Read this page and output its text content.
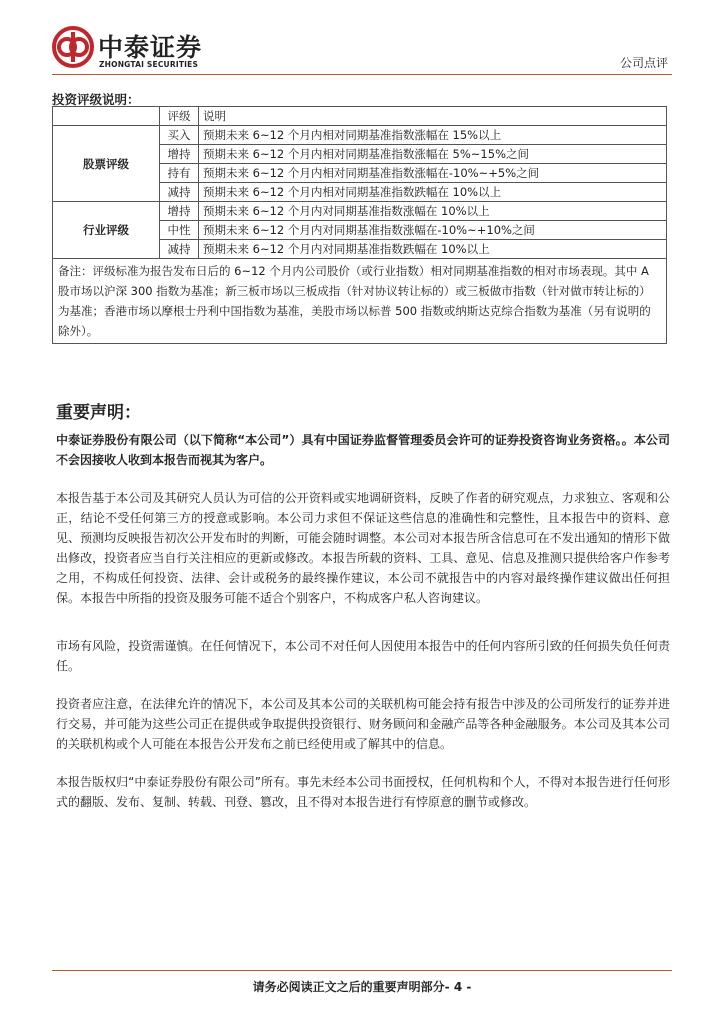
中泰证券
ZHONGTAI SECURITIES	公司点评
投资评级说明：
	评级	说明
股票评级	买入	预期未来 6~12 个月内相对同期基准指数涨幅在 15%以上
	增持	预期未来 6~12 个月内相对同期基准指数涨幅在 5%~15%之间
	持有	预期未来 6~12 个月内相对同期基准指数涨幅在-10%~+5%之间
	减持	预期未来 6~12 个月内相对同期基准指数跌幅在 10%以上
行业评级	增持	预期未来 6~12 个月内对同期基准指数涨幅在 10%以上
	中性	预期未来 6~12 个月内对同期基准指数涨幅在-10%~+10%之间
	减持	预期未来 6~12 个月内对同期基准指数跌幅在 10%以上
备注：评级标准为报告发布日后的 6~12 个月内公司股价（或行业指数）相对同期基准指数的相对市场表现。其中 A 股市场以沪深 300 指数为基准；新三板市场以三板成指（针对协议转让标的）或三板做市指数（针对做市转让标的）为基准；香港市场以摩根士丹利中国指数为基准，美股市场以标普 500 指数或纳斯达克综合指数为基准（另有说明的除外）。		
重要声明：
中泰证券股份有限公司（以下简称“本公司”）具有中国证券监督管理委员会许可的证券投资咨询业务资格。。本公司不会因接收人收到本报告而视其为客户。
本报告基于本公司及其研究人员认为可信的公开资料或实地调研资料，反映了作者的研究观点，力求独立、客观和公正，结论不受任何第三方的授意或影响。本公司力求但不保证这些信息的准确性和完整性，且本报告中的资料、意见、预测均反映报告初次公开发布时的判断，可能会随时调整。本公司对本报告所含信息可在不发出通知的情形下做出修改，投资者应当自行关注相应的更新或修改。本报告所载的资料、工具、意见、信息及推测只提供给客户作参考之用，不构成任何投资、法律、会计或税务的最终操作建议，本公司不就报告中的内容对最终操作建议做出任何担保。本报告中所指的投资及服务可能不适合个别客户，不构成客户私人咨询建议。
市场有风险，投资需谨慎。在任何情况下，本公司不对任何人因使用本报告中的任何内容所引致的任何损失负任何责任。
投资者应注意，在法律允许的情况下，本公司及其本公司的关联机构可能会持有报告中涉及的公司所发行的证券并进行交易，并可能为这些公司正在提供或争取提供投资银行、财务顾问和金融产品等各种金融服务。本公司及其本公司的关联机构或个人可能在本报告公开发布之前已经使用或了解其中的信息。
本报告版权归“中泰证券股份有限公司”所有。事先未经本公司书面授权，任何机构和个人，不得对本报告进行任何形式的翻版、发布、复制、转载、刊登、篡改，且不得对本报告进行有悖原意的删节或修改。
请务必阅读正文之后的重要声明部分- 4 -
